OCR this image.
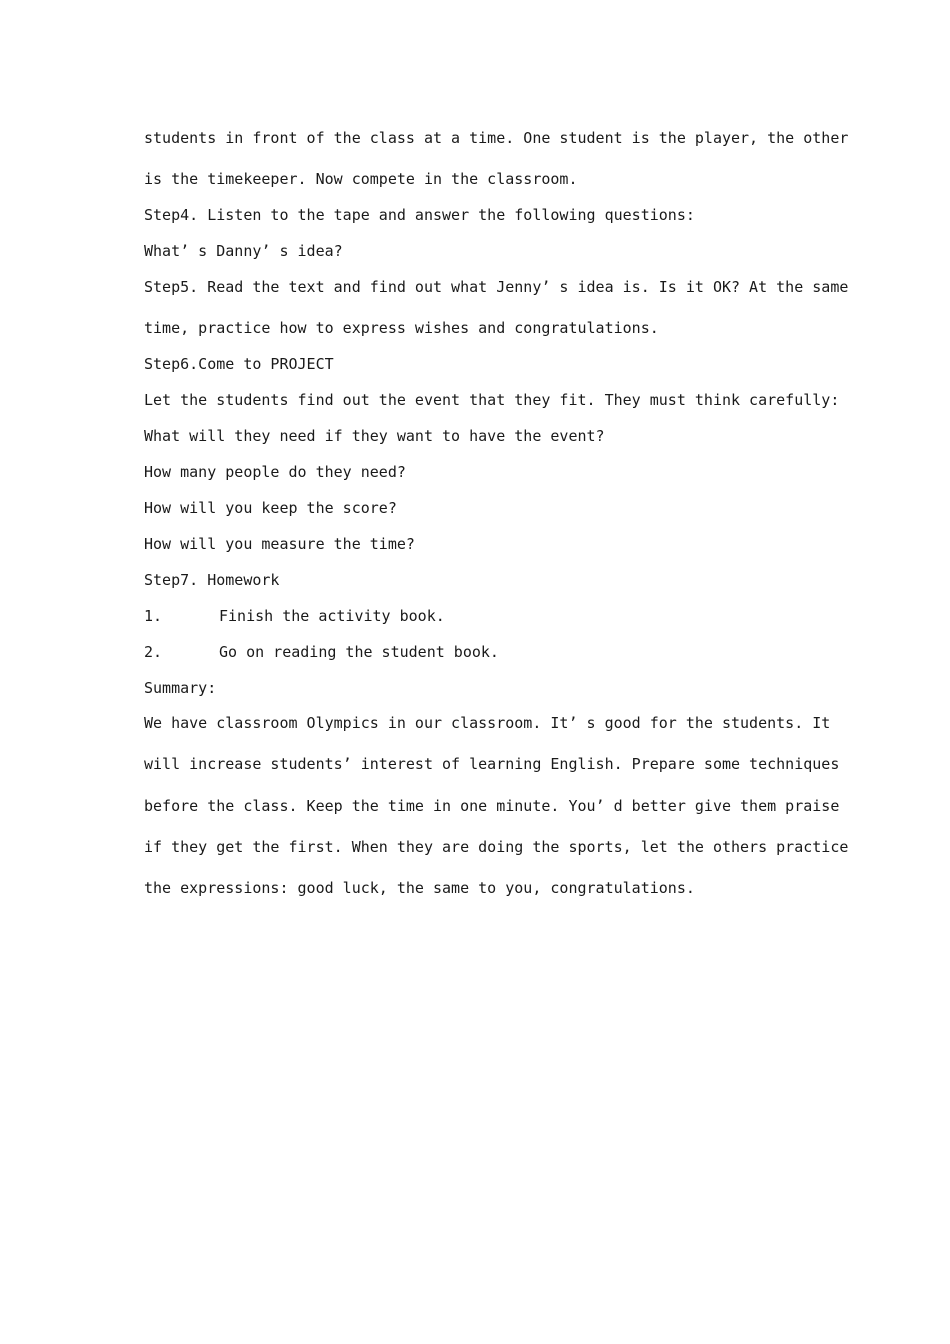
students in front of the class at a time. One student is the player, the other
is the timekeeper. Now compete in the classroom.
Step4. Listen to the tape and answer the following questions:
What’ s Danny’ s idea?
Step5. Read the text and find out what Jenny’ s idea is. Is it OK? At the same
time, practice how to express wishes and congratulations.
Step6.Come to PROJECT
Let the students find out the event that they fit. They must think carefully:
What will they need if they want to have the event?
How many people do they need?
How will you keep the score?
How will you measure the time?
Step7. Homework
1.	Finish the activity book.
2.	Go on reading the student book.
Summary:
We have classroom Olympics in our classroom. It’ s good for the students. It
will increase students’ interest of learning English. Prepare some techniques
before the class. Keep the time in one minute. You’ d better give them praise
if they get the first. When they are doing the sports, let the others practice
the expressions: good luck, the same to you, congratulations.
